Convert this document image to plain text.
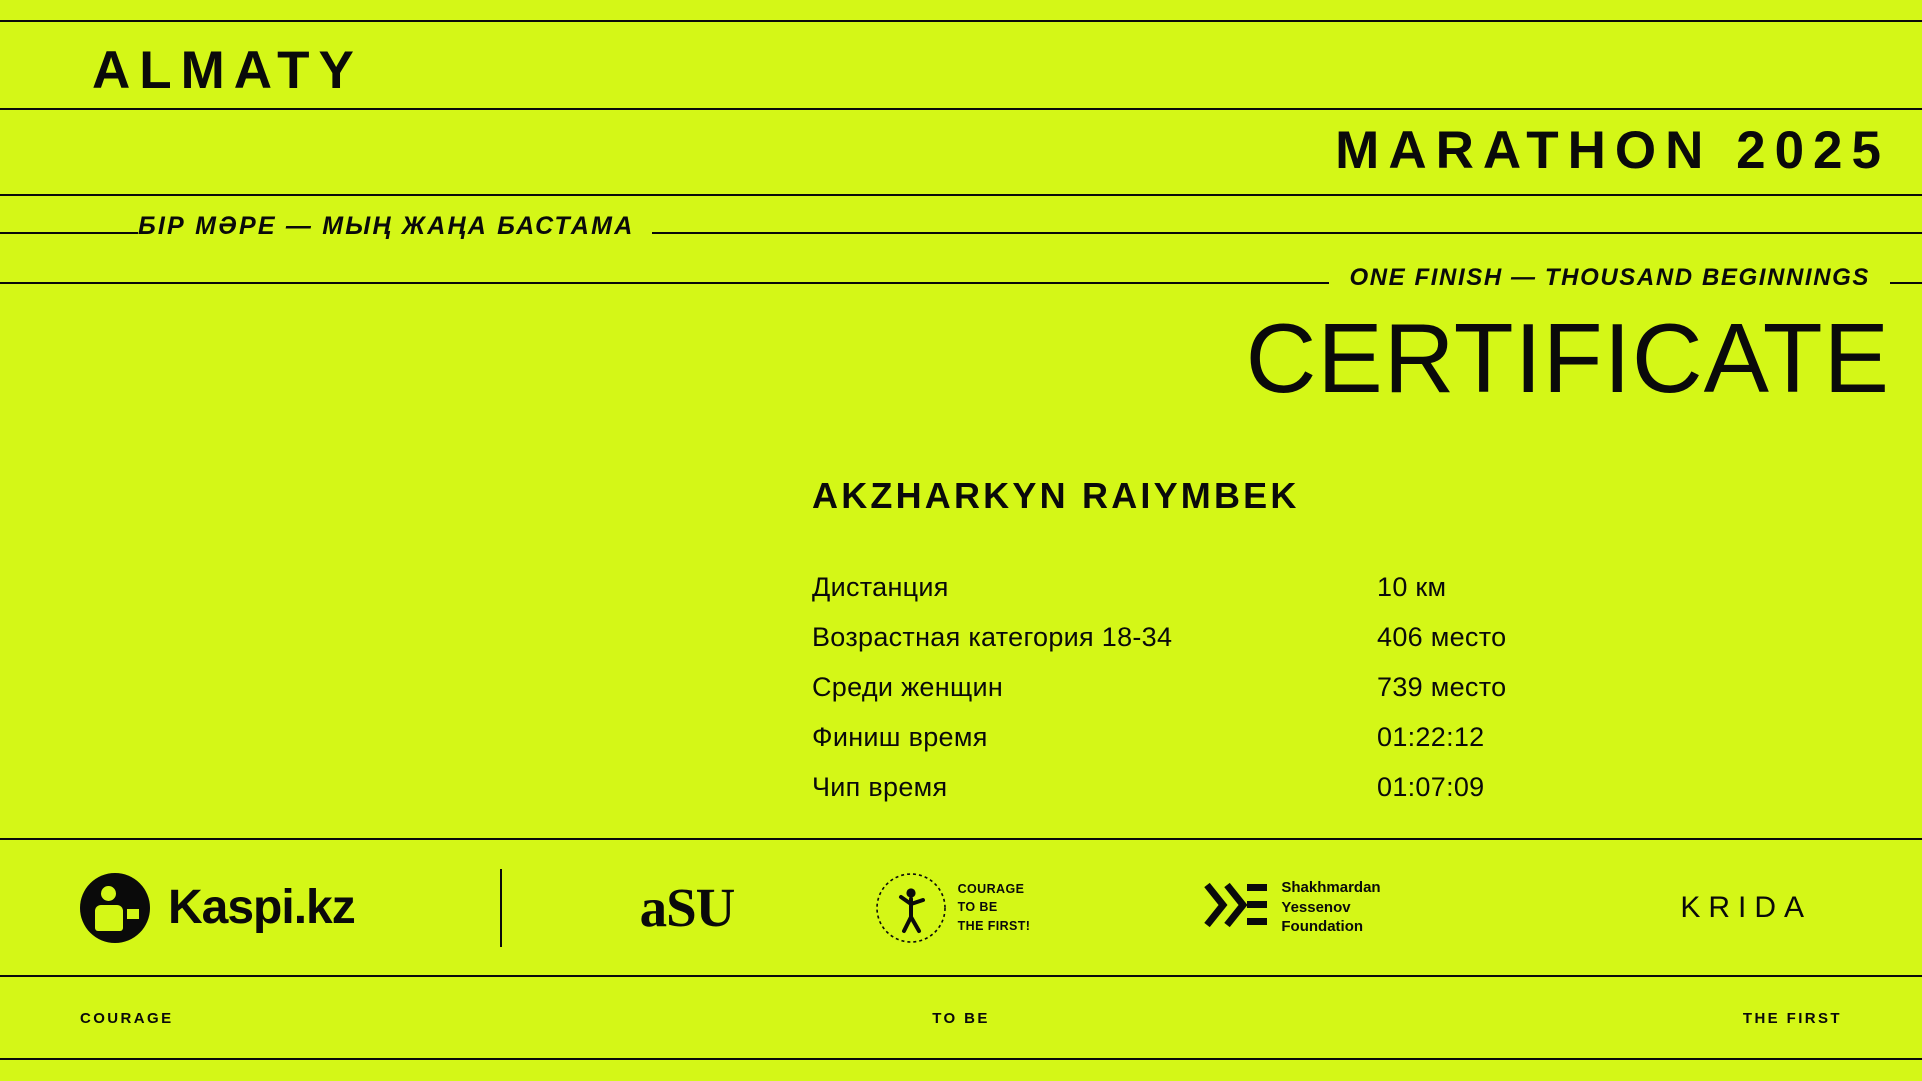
ALMATY
MARATHON 2025
БІР МӘРЕ — МЫҢ ЖАҢА БАСТАМА
ONE FINISH — THOUSAND BEGINNINGS
CERTIFICATE
AKZHARKYN RAIYMBEK
Дистанция	10 км
Возрастная категория 18-34	406 место
Среди женщин	739 место
Финиш время	01:22:12
Чип время	01:07:09
Kaspi.kz	aSU	COURAGE
TO BE
THE FIRST!
Shakhmardan
Yessenov
Foundation
KRIDA
COURAGE	TO BE	THE FIRST
